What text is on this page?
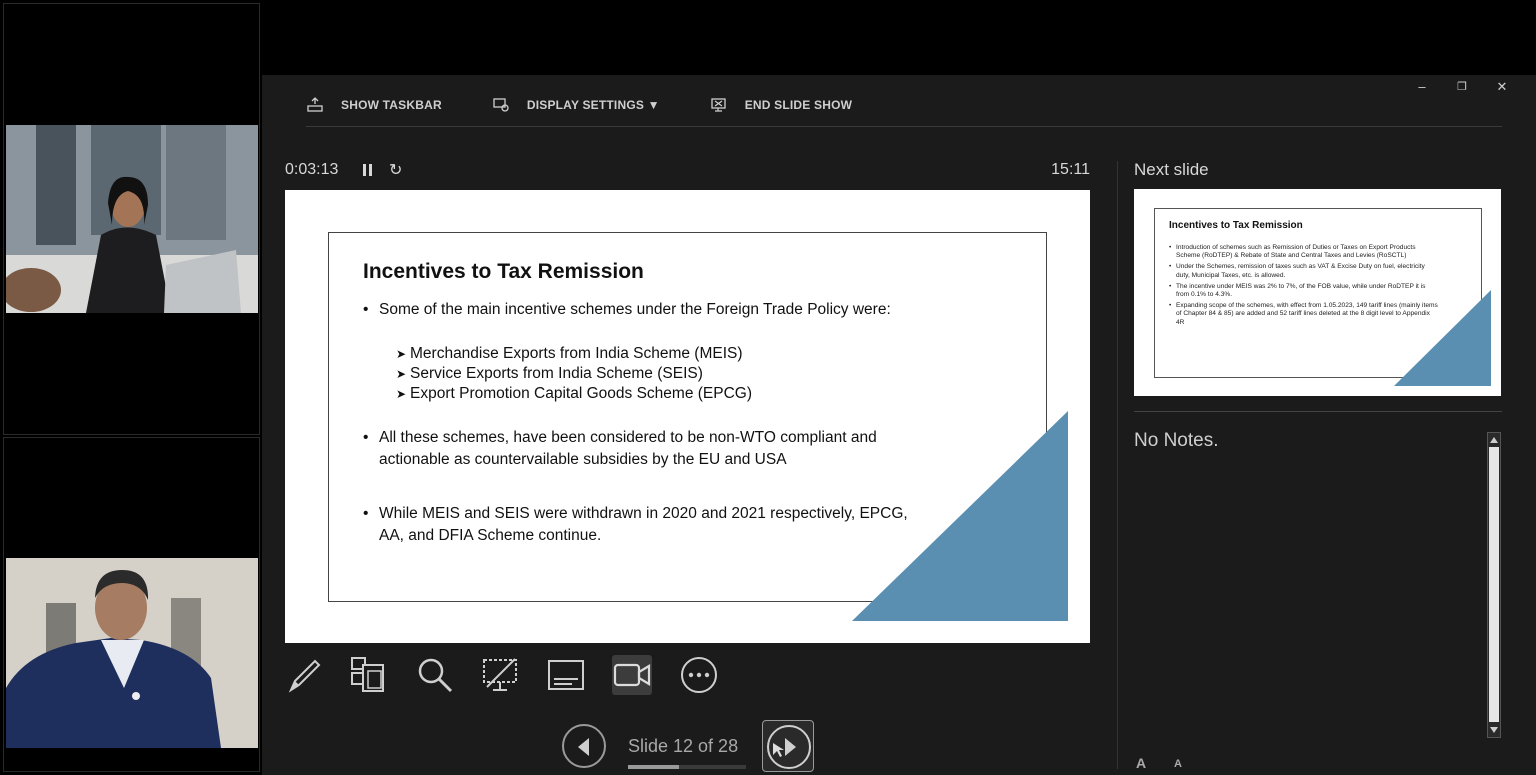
–	❐ ✕
SHOW TASKBAR	DISPLAY SETTINGS ▼	END SLIDE SHOW
0:03:13	↻	15:11
Incentives to Tax Remission
• Some of the main incentive schemes under the Foreign Trade Policy were:
➤ Merchandise Exports from India Scheme (MEIS)
➤ Service Exports from India Scheme (SEIS)
➤ Export Promotion Capital Goods Scheme (EPCG)
• All these schemes, have been considered to be non-WTO compliant and
actionable as countervailable subsidies by the EU and USA
• While MEIS and SEIS were withdrawn in 2020 and 2021 respectively, EPCG,
AA, and DFIA Scheme continue.
Slide 12 of 28
Next slide
Incentives to Tax Remission
• Introduction of schemes such as Remission of Duties or Taxes on Export Products Scheme (RoDTEP) & Rebate of State and Central Taxes and Levies (RoSCTL)
• Under the Schemes, remission of taxes such as VAT & Excise Duty on fuel, electricity duty, Municipal Taxes, etc. is allowed.
• The incentive under MEIS was 2% to 7%, of the FOB value, while under RoDTEP it is from 0.1% to 4.3%.
• Expanding scope of the schemes, with effect from 1.05.2023, 149 tariff lines (mainly items of Chapter 84 & 85) are added and 52 tariff lines deleted at the 8 digit level to Appendix 4R
No Notes.
A	A
